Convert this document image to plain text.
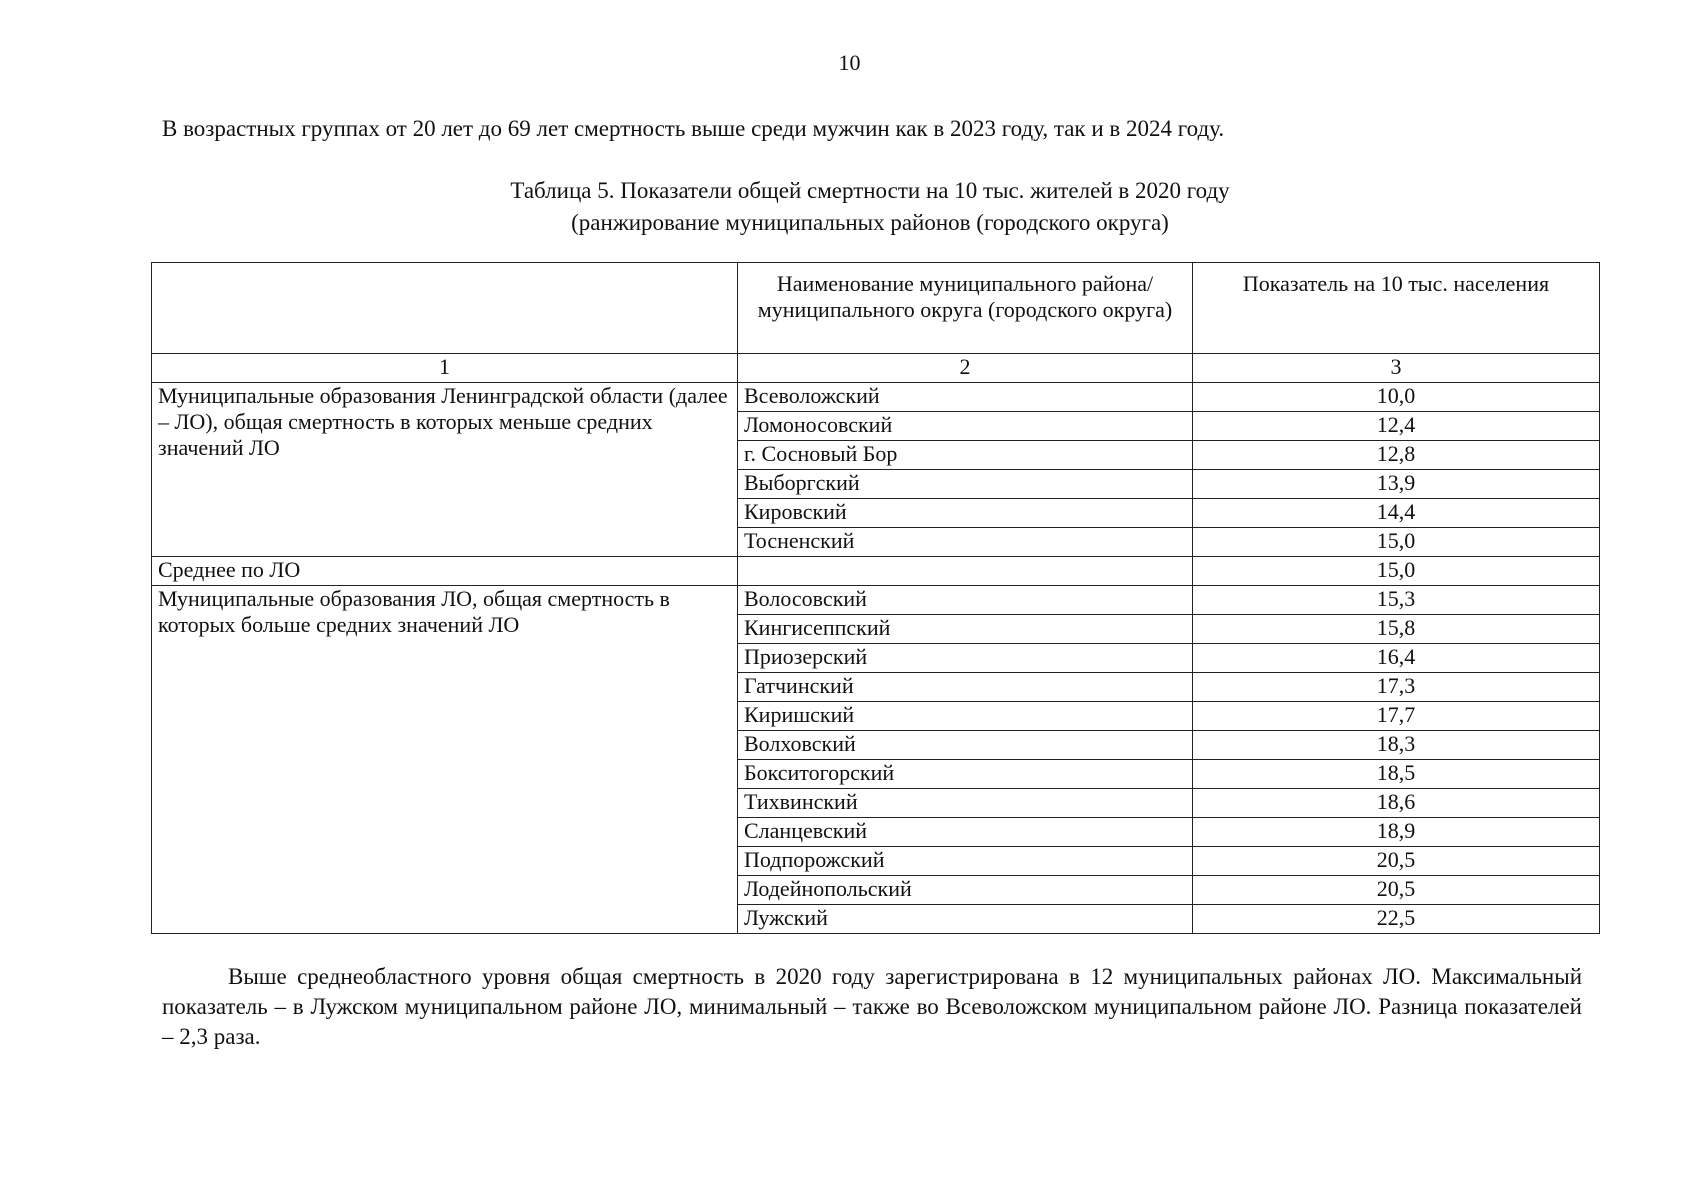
10
В возрастных группах от 20 лет до 69 лет смертность выше среди мужчин как в 2023 году, так и в 2024 году.
Таблица 5. Показатели общей смертности на 10 тыс. жителей в 2020 году
(ранжирование муниципальных районов (городского округа)
	Наименование муниципального района/муниципального округа (городского округа)	Показатель на 10 тыс. населения
1	2	3
Муниципальные образования Ленинградской области (далее – ЛО), общая смертность в которых меньше средних значений ЛО	Всеволожский	10,0
	Ломоносовский	12,4
	г. Сосновый Бор	12,8
	Выборгский	13,9
	Кировский	14,4
	Тосненский	15,0
Среднее по ЛО		15,0
Муниципальные образования ЛО, общая смертность в которых больше средних значений ЛО	Волосовский	15,3
	Кингисеппский	15,8
	Приозерский	16,4
	Гатчинский	17,3
	Киришский	17,7
	Волховский	18,3
	Бокситогорский	18,5
	Тихвинский	18,6
	Сланцевский	18,9
	Подпорожский	20,5
	Лодейнопольский	20,5
	Лужский	22,5
Выше среднеобластного уровня общая смертность в 2020 году зарегистрирована в 12 муниципальных районах ЛО. Максимальный показатель – в Лужском муниципальном районе ЛО, минимальный – также во Всеволожском муниципальном районе ЛО. Разница показателей – 2,3 раза.
